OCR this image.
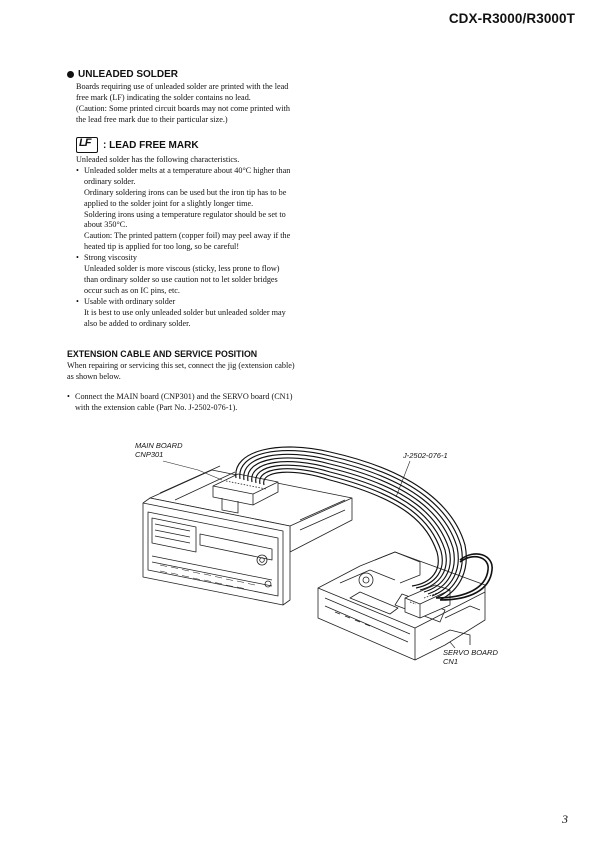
CDX-R3000/R3000T
UNLEADED SOLDER
Boards requiring use of unleaded solder are printed with the lead
free mark (LF) indicating the solder contains no lead.
(Caution: Some printed circuit boards may not come printed with
the lead free mark due to their particular size.)
LF : LEAD FREE MARK
Unleaded solder has the following characteristics.
• Unleaded solder melts at a temperature about 40°C higher than
ordinary solder.
Ordinary soldering irons can be used but the iron tip has to be
applied to the solder joint for a slightly longer time.
Soldering irons using a temperature regulator should be set to
about 350°C.
Caution: The printed pattern (copper foil) may peel away if the
heated tip is applied for too long, so be careful!
• Strong viscosity
Unleaded solder is more viscous (sticky, less prone to flow)
than ordinary solder so use caution not to let solder bridges
occur such as on IC pins, etc.
• Usable with ordinary solder
It is best to use only unleaded solder but unleaded solder may
also be added to ordinary solder.
EXTENSION CABLE AND SERVICE POSITION
When repairing or servicing this set, connect the jig (extension cable)
as shown below.
• Connect the MAIN board (CNP301) and the SERVO board (CN1)
with the extension cable (Part No. J-2502-076-1).
MAIN BOARD
CNP301	J-2502-076-1
SERVO BOARD
CN1
3
